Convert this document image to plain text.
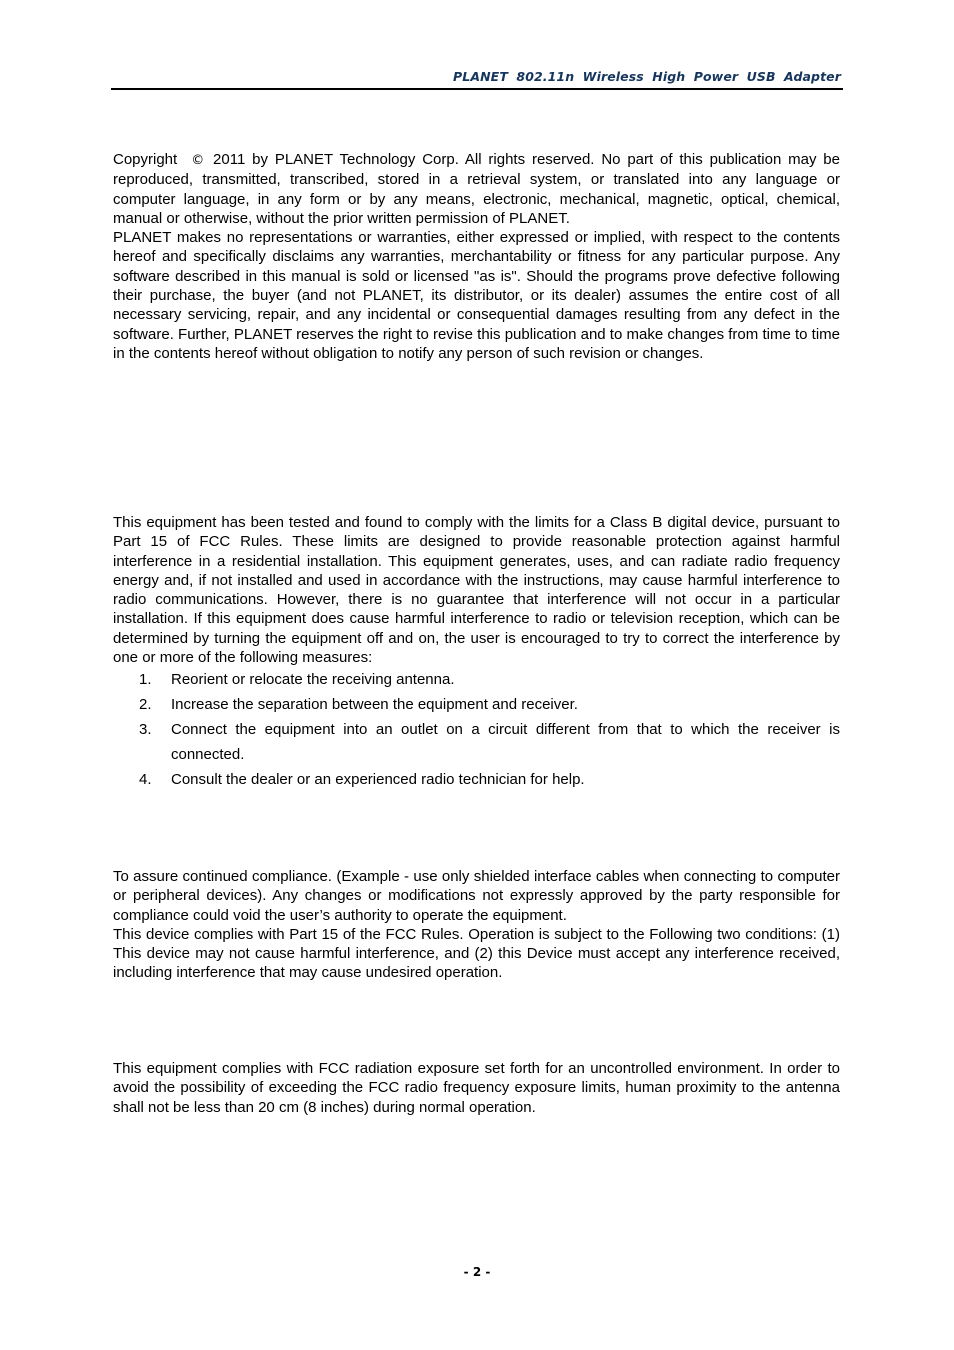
PLANET 802.11n Wireless High Power USB Adapter
Copyright © 2011 by PLANET Technology Corp. All rights reserved. No part of this publication may be reproduced, transmitted, transcribed, stored in a retrieval system, or translated into any language or computer language, in any form or by any means, electronic, mechanical, magnetic, optical, chemical, manual or otherwise, without the prior written permission of PLANET.
PLANET makes no representations or warranties, either expressed or implied, with respect to the contents hereof and specifically disclaims any warranties, merchantability or fitness for any particular purpose. Any software described in this manual is sold or licensed "as is". Should the programs prove defective following their purchase, the buyer (and not PLANET, its distributor, or its dealer) assumes the entire cost of all necessary servicing, repair, and any incidental or consequential damages resulting from any defect in the software. Further, PLANET reserves the right to revise this publication and to make changes from time to time in the contents hereof without obligation to notify any person of such revision or changes.

This equipment has been tested and found to comply with the limits for a Class B digital device, pursuant to Part 15 of FCC Rules. These limits are designed to provide reasonable protection against harmful interference in a residential installation. This equipment generates, uses, and can radiate radio frequency energy and, if not installed and used in accordance with the instructions, may cause harmful interference to radio communications. However, there is no guarantee that interference will not occur in a particular installation. If this equipment does cause harmful interference to radio or television reception, which can be determined by turning the equipment off and on, the user is encouraged to try to correct the interference by one or more of the following measures:

1. Reorient or relocate the receiving antenna.
2. Increase the separation between the equipment and receiver.
3. Connect the equipment into an outlet on a circuit different from that to which the receiver is connected.
4. Consult the dealer or an experienced radio technician for help.
To assure continued compliance. (Example - use only shielded interface cables when connecting to computer or peripheral devices). Any changes or modifications not expressly approved by the party responsible for compliance could void the user’s authority to operate the equipment.
This device complies with Part 15 of the FCC Rules. Operation is subject to the Following two conditions: (1) This device may not cause harmful interference, and (2) this Device must accept any interference received, including interference that may cause undesired operation.

This equipment complies with FCC radiation exposure set forth for an uncontrolled environment. In order to avoid the possibility of exceeding the FCC radio frequency exposure limits, human proximity to the antenna shall not be less than 20 cm (8 inches) during normal operation.

- 2 -
